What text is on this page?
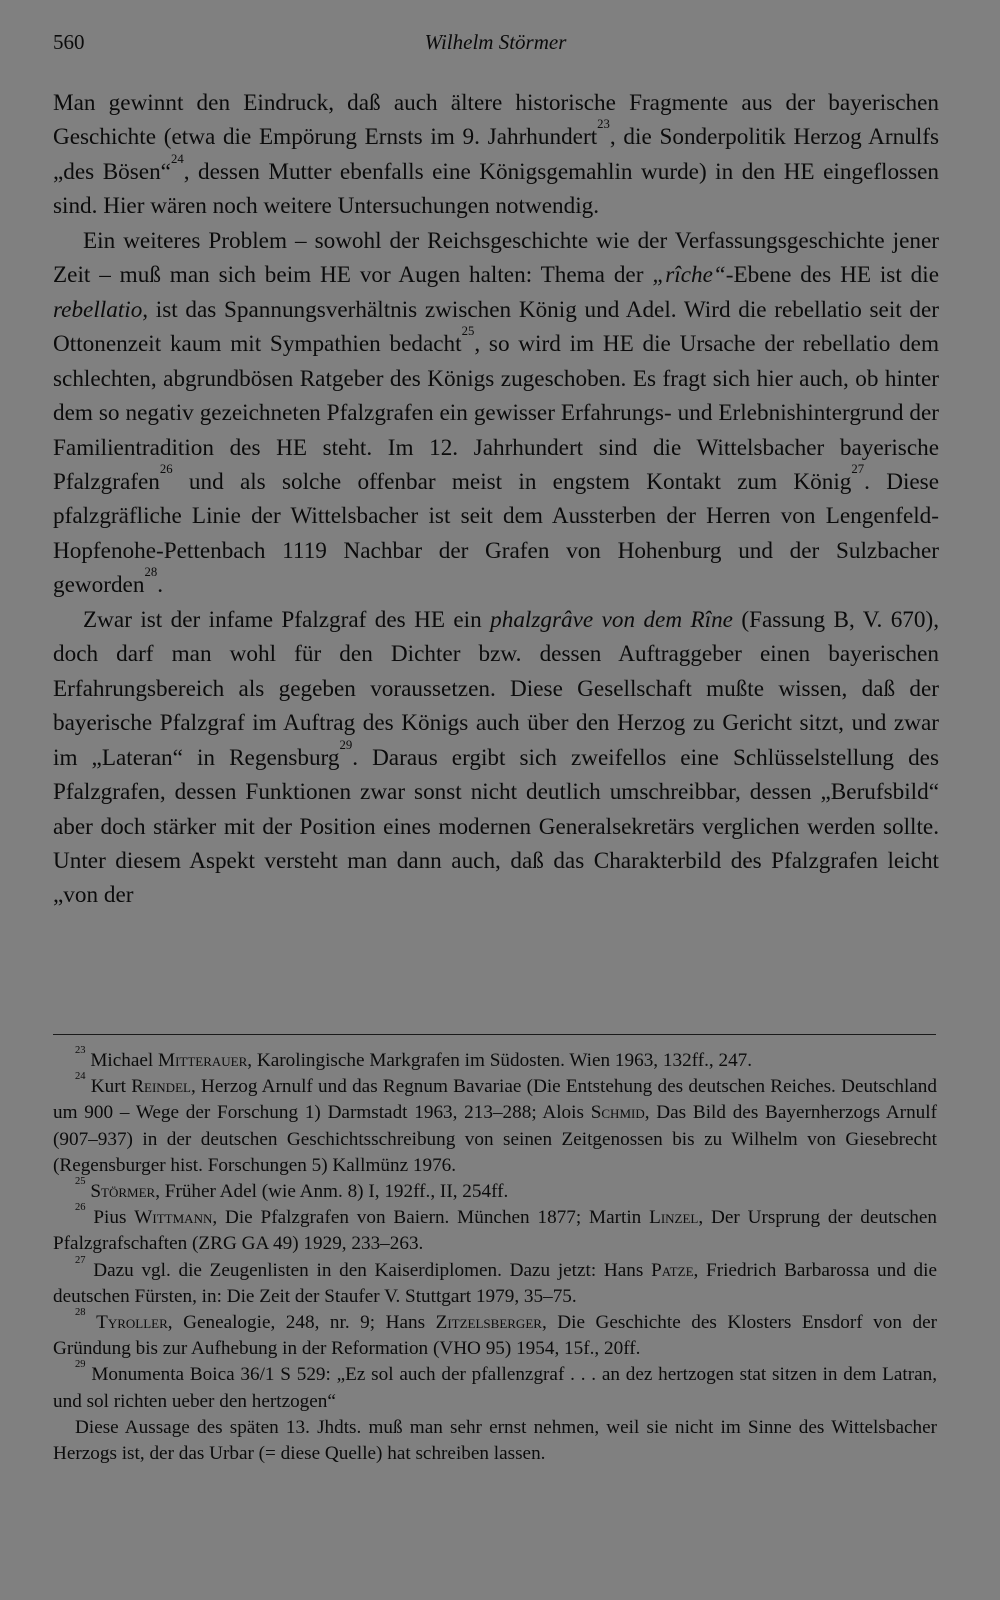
560	Wilhelm Störmer

Man gewinnt den Eindruck, daß auch ältere historische Fragmente aus der bayerischen Geschichte (etwa die Empörung Ernsts im 9. Jahrhundert$^{23}$, die Sonderpolitik Herzog Arnulfs „des Bösen“$^{24}$, dessen Mutter ebenfalls eine Königsgemahlin wurde) in den HE eingeflossen sind. Hier wären noch weitere Untersuchungen notwendig.

Ein weiteres Problem – sowohl der Reichsgeschichte wie der Verfassungsgeschichte jener Zeit – muß man sich beim HE vor Augen halten: Thema der „rîche“-Ebene des HE ist die rebellatio, ist das Spannungsverhältnis zwischen König und Adel. Wird die rebellatio seit der Ottonenzeit kaum mit Sympathien bedacht$^{25}$, so wird im HE die Ursache der rebellatio dem schlechten, abgrundbösen Ratgeber des Königs zugeschoben. Es fragt sich hier auch, ob hinter dem so negativ gezeichneten Pfalzgrafen ein gewisser Erfahrungs- und Erlebnishintergrund der Familientradition des HE steht. Im 12. Jahrhundert sind die Wittelsbacher bayerische Pfalzgrafen$^{26}$ und als solche offenbar meist in engstem Kontakt zum König$^{27}$. Diese pfalzgräfliche Linie der Wittelsbacher ist seit dem Aussterben der Herren von Lengenfeld-Hopfenohe-Pettenbach 1119 Nachbar der Grafen von Hohenburg und der Sulzbacher geworden$^{28}$.

Zwar ist der infame Pfalzgraf des HE ein phalzgrâve von dem Rîne (Fassung B, V. 670), doch darf man wohl für den Dichter bzw. dessen Auftraggeber einen bayerischen Erfahrungsbereich als gegeben voraussetzen. Diese Gesellschaft mußte wissen, daß der bayerische Pfalzgraf im Auftrag des Königs auch über den Herzog zu Gericht sitzt, und zwar im „Lateran“ in Regensburg$^{29}$. Daraus ergibt sich zweifellos eine Schlüsselstellung des Pfalzgrafen, dessen Funktionen zwar sonst nicht deutlich umschreibbar, dessen „Berufsbild“ aber doch stärker mit der Position eines modernen Generalsekretärs verglichen werden sollte. Unter diesem Aspekt versteht man dann auch, daß das Charakterbild des Pfalzgrafen leicht „von der

$^{23}$ Michael Mitterauer, Karolingische Markgrafen im Südosten. Wien 1963, 132ff., 247.

$^{24}$ Kurt Reindel, Herzog Arnulf und das Regnum Bavariae (Die Entstehung des deutschen Reiches. Deutschland um 900 – Wege der Forschung 1) Darmstadt 1963, 213–288; Alois Schmid, Das Bild des Bayernherzogs Arnulf (907–937) in der deutschen Geschichtsschreibung von seinen Zeitgenossen bis zu Wilhelm von Giesebrecht (Regensburger hist. Forschungen 5) Kallmünz 1976.

$^{25}$ Störmer, Früher Adel (wie Anm. 8) I, 192ff., II, 254ff.

$^{26}$ Pius Wittmann, Die Pfalzgrafen von Baiern. München 1877; Martin Linzel, Der Ursprung der deutschen Pfalzgrafschaften (ZRG GA 49) 1929, 233–263.

$^{27}$ Dazu vgl. die Zeugenlisten in den Kaiserdiplomen. Dazu jetzt: Hans Patze, Friedrich Barbarossa und die deutschen Fürsten, in: Die Zeit der Staufer V. Stuttgart 1979, 35–75.

$^{28}$ Tyroller, Genealogie, 248, nr. 9; Hans Zitzelsberger, Die Geschichte des Klosters Ensdorf von der Gründung bis zur Aufhebung in der Reformation (VHO 95) 1954, 15f., 20ff.

$^{29}$ Monumenta Boica 36/1 S 529: „Ez sol auch der pfallenzgraf . . . an dez hertzogen stat sitzen in dem Latran, und sol richten ueber den hertzogen“

Diese Aussage des späten 13. Jhdts. muß man sehr ernst nehmen, weil sie nicht im Sinne des Wittelsbacher Herzogs ist, der das Urbar (= diese Quelle) hat schreiben lassen.
